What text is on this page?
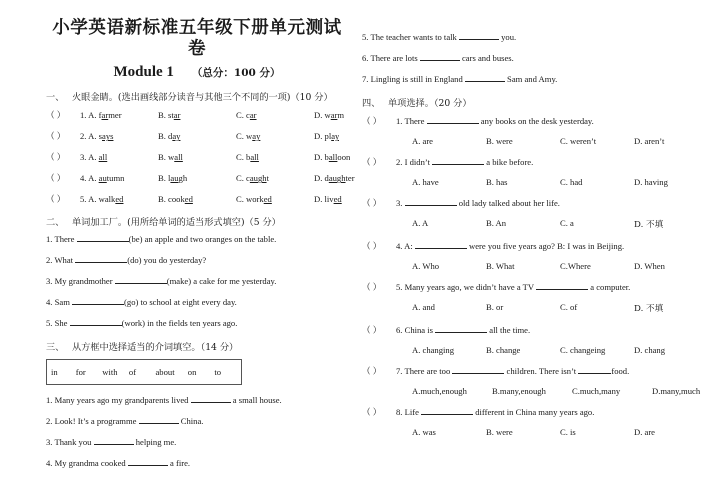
小学英语新标准五年级下册单元测试卷
Module 1 （总分：100 分）
一、 火眼金睛。(选出画线部分读音与其他三个不同的一项)（10 分）
（ ）	1. A. farmer	B. star	C. car	D. warm
（ ）	2. A. says	B. day	C. way	D. play
（ ）	3. A. all	B. wall	C. ball	D. balloon
（ ）	4. A. autumn	B. laugh	C. caught	D. daughter
（ ）	5. A. walked	B. cooked	C. worked	D. lived
二、 单词加工厂。(用所给单词的适当形式填空)（5 分）
1. There	(be) an apple and two oranges on the table.
2. What	(do) you do yesterday?
3. My grandmother	(make) a cake for me yesterday.
4. Sam	(go) to school at eight every day.
5. She	(work) in the fields ten years ago.
三、 从方框中选择适当的介词填空。（14 分）
in	for	with	of	about	on	to
1. Many years ago my grandparents lived	a small house.
2. Look! It’s a programme	China.
3. Thank you	helping me.
4. My grandma cooked	a fire.
5. The teacher wants to talk	you.
6. There are lots	cars and buses.
7. Lingling is still in England	Sam and Amy.
四、 单项选择。（20 分）
（ ）	1. There	any books on the desk yesterday.
A. are	B. were	C. weren’t	D. aren’t
（ ）	2. I didn’t	a bike before.
A. have	B. has	C. had	D. having
（ ）	3.	old lady talked about her life.
A. A	B. An	C. a	D. 不填
（ ）	4. A:	were you five years ago? B: I was in Beijing.
A. Who	B. What	C.Where	D. When
（ ）	5. Many years ago, we didn’t have a TV	a computer.
A. and	B. or	C. of	D. 不填
（ ）	6. China is	all the time.
A. changing	B. change	C. changeing	D. chang
（ ）	7. There are too	children. There isn’t	food.
A.much,enough	B.many,enough	C.much,many	D.many,much
（ ）	8. Life	different in China many years ago.
A. was	B. were	C. is	D. are
